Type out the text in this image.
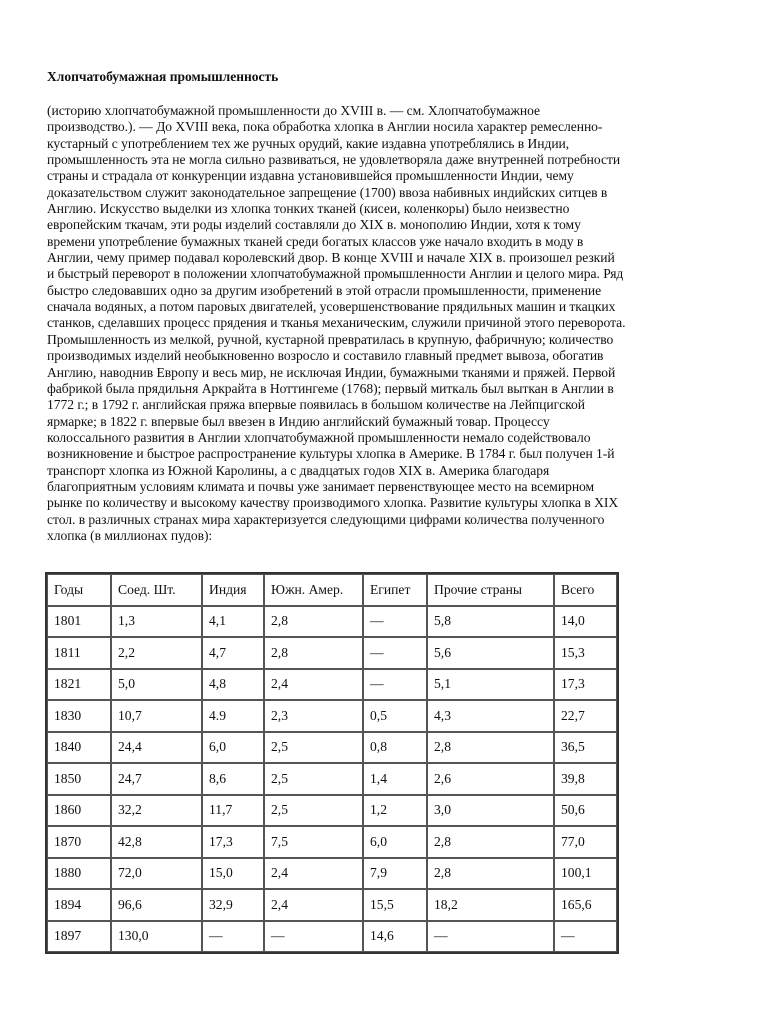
Хлопчатобумажная промышленность

(историю хлопчатобумажной промышленности до XVIII в. — см. Хлопчатобумажное
производство.). — До XVIII века, пока обработка хлопка в Англии носила характер ремесленно-
кустарный с употреблением тех же ручных орудий, какие издавна употреблялись в Индии,
промышленность эта не могла сильно развиваться, не удовлетворяла даже внутренней потребности
страны и страдала от конкуренции издавна установившейся промышленности Индии, чему
доказательством служит законодательное запрещение (1700) ввоза набивных индийских ситцев в
Англию. Искусство выделки из хлопка тонких тканей (кисеи, коленкоры) было неизвестно
европейским ткачам, эти роды изделий составляли до XIX в. монополию Индии, хотя к тому
времени употребление бумажных тканей среди богатых классов уже начало входить в моду в
Англии, чему пример подавал королевский двор. В конце XVIII и начале XIX в. произошел резкий
и быстрый переворот в положении хлопчатобумажной промышленности Англии и целого мира. Ряд
быстро следовавших одно за другим изобретений в этой отрасли промышленности, применение
сначала водяных, а потом паровых двигателей, усовершенствование прядильных машин и ткацких
станков, сделавших процесс прядения и тканья механическим, служили причиной этого переворота.
Промышленность из мелкой, ручной, кустарной превратилась в крупную, фабричную; количество
производимых изделий необыкновенно возросло и составило главный предмет вывоза, обогатив
Англию, наводнив Европу и весь мир, не исключая Индии, бумажными тканями и пряжей. Первой
фабрикой была прядильня Аркрайта в Ноттингеме (1768); первый миткаль был выткан в Англии в
1772 г.; в 1792 г. английская пряжа впервые появилась в большом количестве на Лейпцигской
ярмарке; в 1822 г. впервые был ввезен в Индию английский бумажный товар. Процессу
колоссального развития в Англии хлопчатобумажной промышленности немало содействовало
возникновение и быстрое распространение культуры хлопка в Америке. В 1784 г. был получен 1-й
транспорт хлопка из Южной Каролины, а с двадцатых годов XIX в. Америка благодаря
благоприятным условиям климата и почвы уже занимает первенствующее место на всемирном
рынке по количеству и высокому качеству производимого хлопка. Развитие культуры хлопка в XIX
стол. в различных странах мира характеризуется следующими цифрами количества полученного
хлопка (в миллионах пудов):

Годы	Соед. Шт.	Индия	Южн. Амер.	Египет	Прочие страны	Всего
1801	1,3	4,1	2,8	—	5,8	14,0
1811	2,2	4,7	2,8	—	5,6	15,3
1821	5,0	4,8	2,4	—	5,1	17,3
1830	10,7	4.9	2,3	0,5	4,3	22,7
1840	24,4	6,0	2,5	0,8	2,8	36,5
1850	24,7	8,6	2,5	1,4	2,6	39,8
1860	32,2	11,7	2,5	1,2	3,0	50,6
1870	42,8	17,3	7,5	6,0	2,8	77,0
1880	72,0	15,0	2,4	7,9	2,8	100,1
1894	96,6	32,9	2,4	15,5	18,2	165,6
1897	130,0	—	—	14,6	—	—
